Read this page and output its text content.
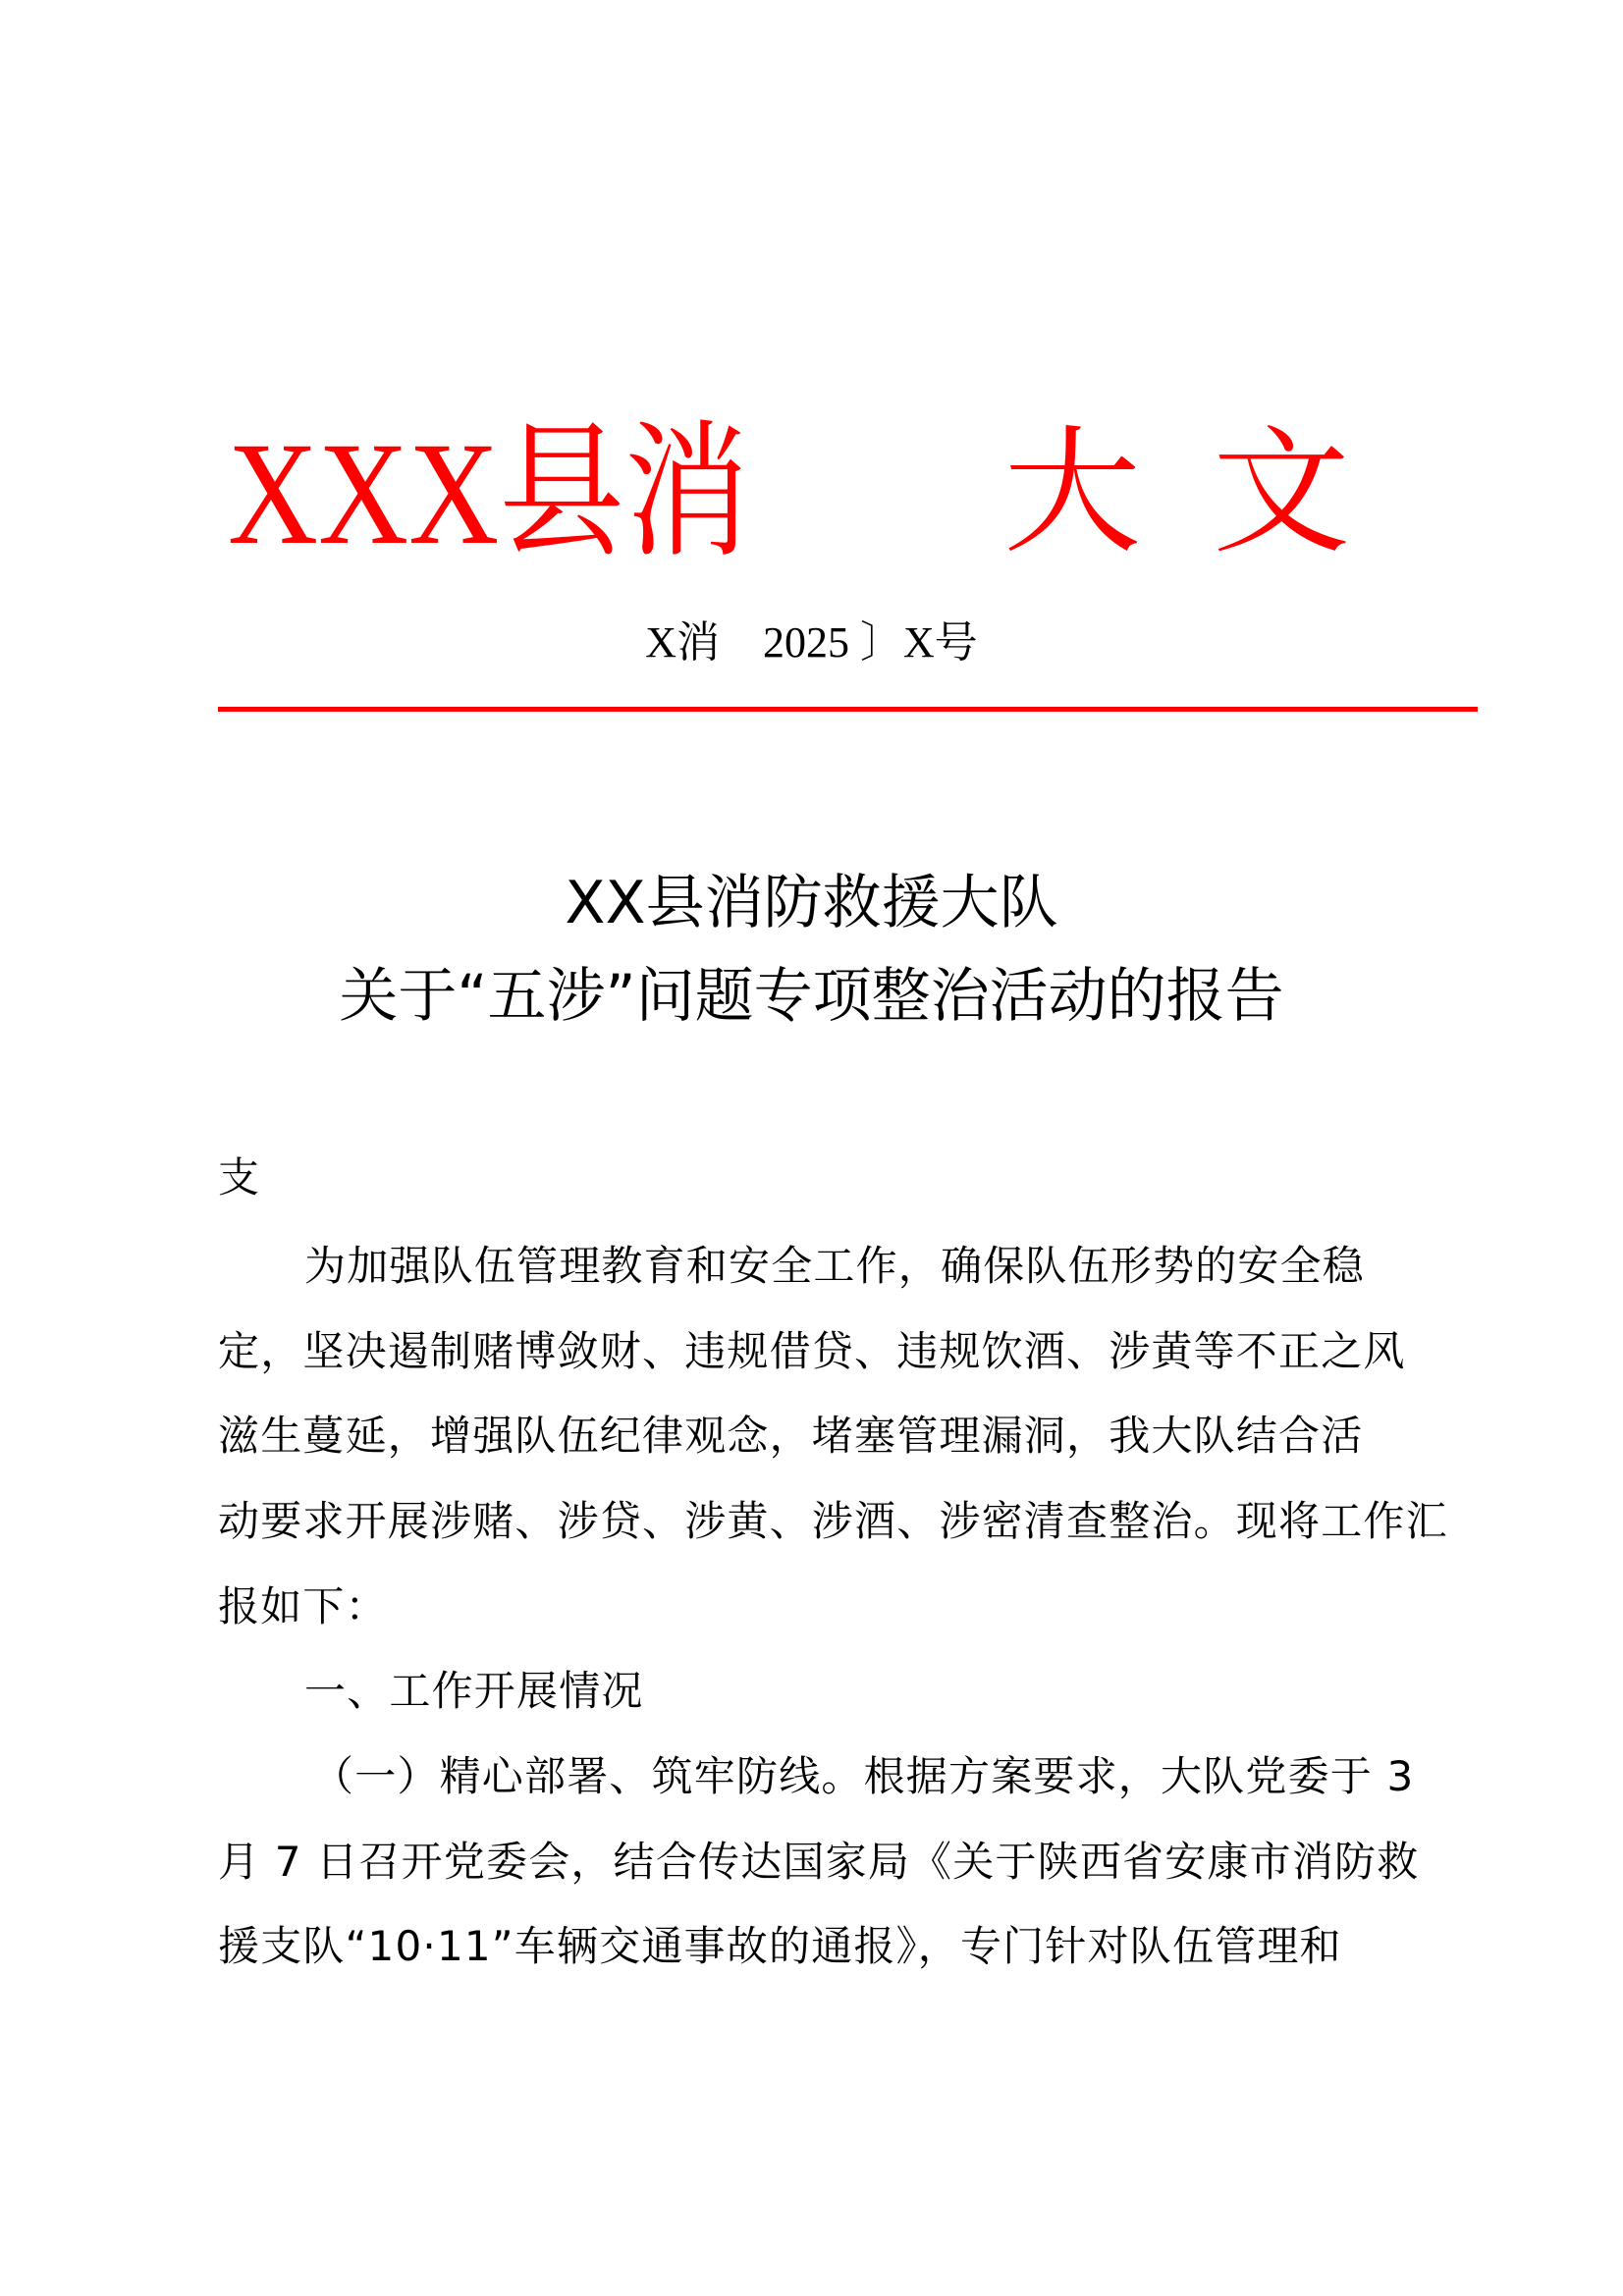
XXX县消 大 文
X消    2025 〕X号
XX县消防救援大队
关于“五涉”问题专项整治活动的报告
支
为加强队伍管理教育和安全工作，确保队伍形势的安全稳
定，坚决遏制赌博敛财、违规借贷、违规饮酒、涉黄等不正之风
滋生蔓延，增强队伍纪律观念，堵塞管理漏洞，我大队结合活
动要求开展涉赌、涉贷、涉黄、涉酒、涉密清查整治。现将工作汇
报如下：
一、工作开展情况
（一）精心部署、筑牢防线。根据方案要求，大队党委于 3
月 7 日召开党委会，结合传达国家局《关于陕西省安康市消防救
援支队“10·11”车辆交通事故的通报》，专门针对队伍管理和
